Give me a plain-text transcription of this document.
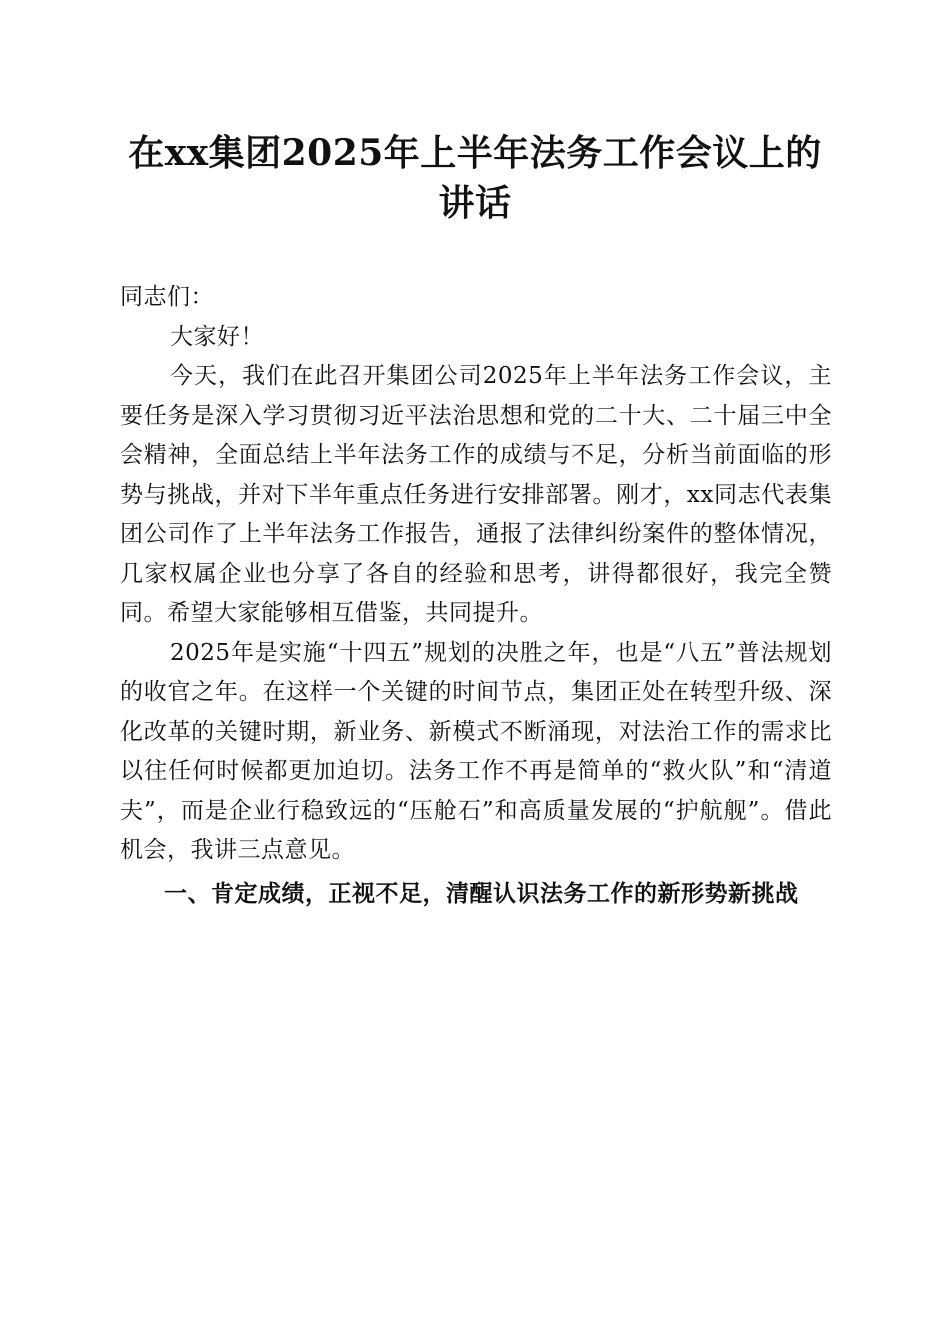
在xx集团2025年上半年法务工作会议上的讲话

同志们：

大家好！

今天，我们在此召开集团公司2025年上半年法务工作会议，主要任务是深入学习贯彻习近平法治思想和党的二十大、二十届三中全会精神，全面总结上半年法务工作的成绩与不足，分析当前面临的形势与挑战，并对下半年重点任务进行安排部署。刚才，xx同志代表集团公司作了上半年法务工作报告，通报了法律纠纷案件的整体情况，几家权属企业也分享了各自的经验和思考，讲得都很好，我完全赞同。希望大家能够相互借鉴，共同提升。

2025年是实施“十四五”规划的决胜之年，也是“八五”普法规划的收官之年。在这样一个关键的时间节点，集团正处在转型升级、深化改革的关键时期，新业务、新模式不断涌现，对法治工作的需求比以往任何时候都更加迫切。法务工作不再是简单的“救火队”和“清道夫”，而是企业行稳致远的“压舱石”和高质量发展的“护航舰”。借此机会，我讲三点意见。

一、肯定成绩，正视不足，清醒认识法务工作的新形势新挑战
